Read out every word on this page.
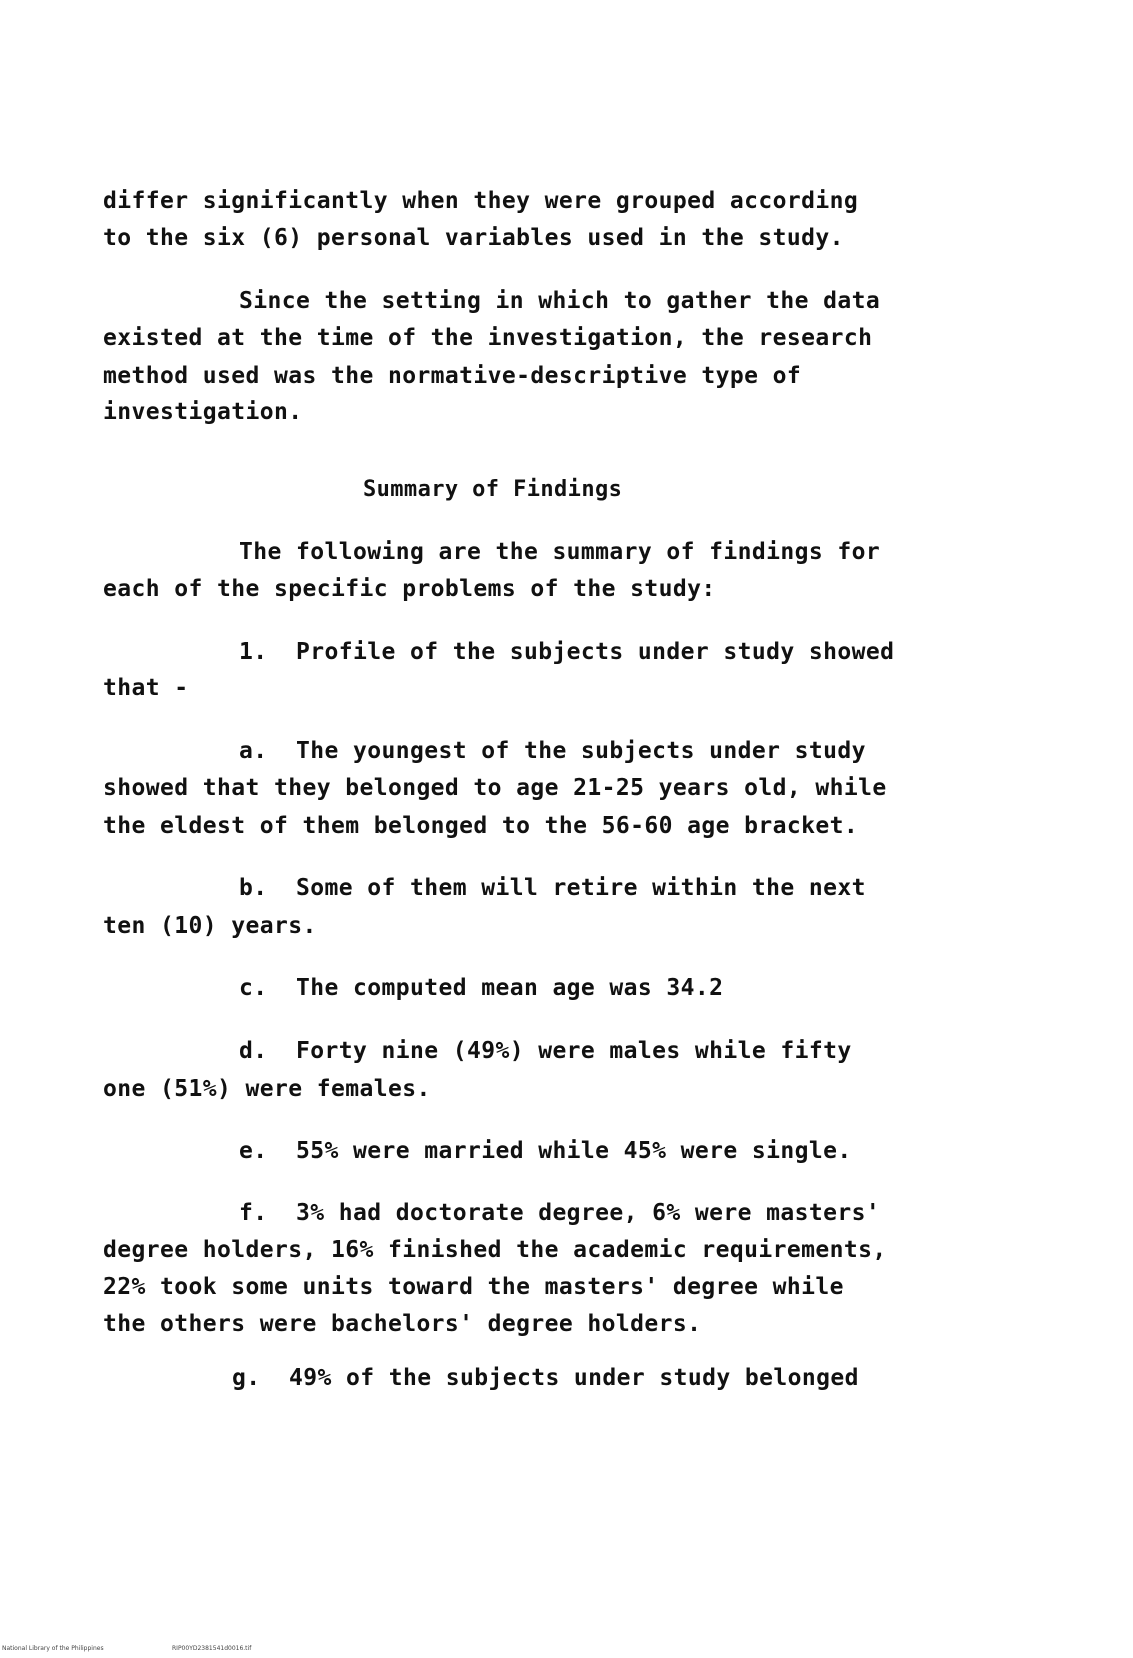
differ significantly when they were grouped according
to the six (6) personal variables used in the study.
Since the setting in which to gather the data
existed at the time of the investigation, the research
method used was the normative-descriptive type of
investigation.
Summary of Findings
The following are the summary of findings for
each of the specific problems of the study:
1.  Profile of the subjects under study showed
that -
a.  The youngest of the subjects under study
showed that they belonged to age 21-25 years old, while
the eldest of them belonged to the 56-60 age bracket.
b.  Some of them will retire within the next
ten (10) years.
c.  The computed mean age was 34.2
d.  Forty nine (49%) were males while fifty
one (51%) were females.
e.  55% were married while 45% were single.
f.  3% had doctorate degree, 6% were masters'
degree holders, 16% finished the academic requirements,
22% took some units toward the masters' degree while
the others were bachelors' degree holders.
g.  49% of the subjects under study belonged
National Library of the Philippines	RIP00YD2381541d0016.tif
